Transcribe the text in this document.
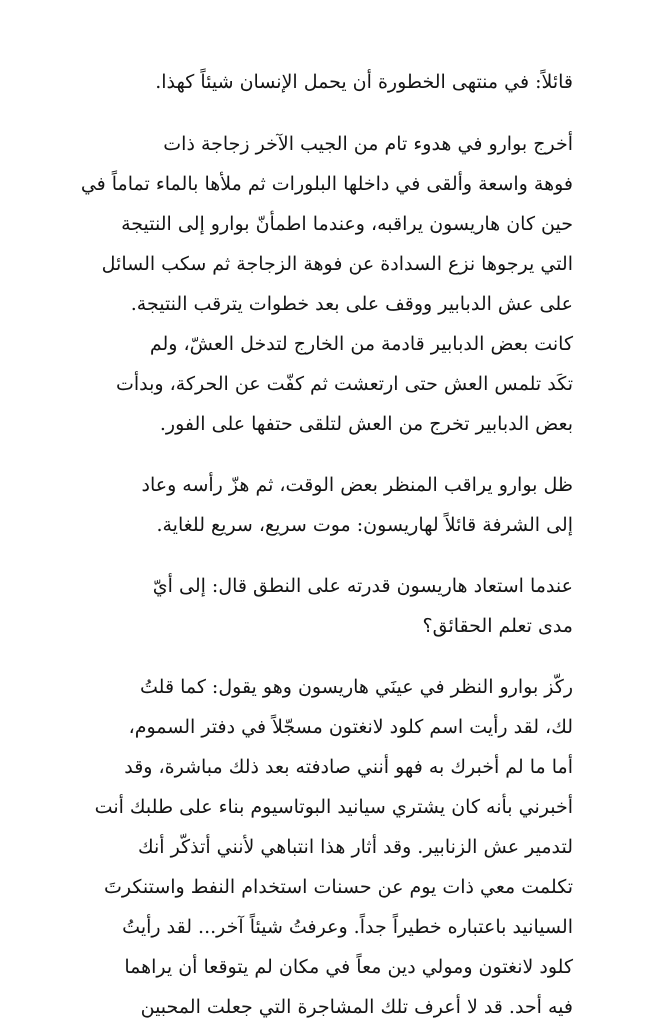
قائلاً: في منتهى الخطورة أن يحمل الإنسان شيئاً كهذا.

أخرج بوارو في هدوء تام من الجيب الآخر زجاجة ذات
فوهة واسعة وألقى في داخلها البلورات ثم ملأها بالماء تماماً في
حين كان هاريسون يراقبه، وعندما اطمأنّ بوارو إلى النتيجة
التي يرجوها نزع السدادة عن فوهة الزجاجة ثم سكب السائل
على عش الدبابير ووقف على بعد خطوات يترقب النتيجة.
كانت بعض الدبابير قادمة من الخارج لتدخل العشّ، ولم
تكَد تلمس العش حتى ارتعشت ثم كفّت عن الحركة، وبدأت
بعض الدبابير تخرج من العش لتلقى حتفها على الفور.

ظل بوارو يراقب المنظر بعض الوقت، ثم هزّ رأسه وعاد
إلى الشرفة قائلاً لهاريسون: موت سريع، سريع للغاية.

عندما استعاد هاريسون قدرته على النطق قال: إلى أيّ
مدى تعلم الحقائق؟

ركّز بوارو النظر في عينَي هاريسون وهو يقول: كما قلتُ
لك، لقد رأيت اسم كلود لانغتون مسجّلاً في دفتر السموم،
أما ما لم أخبرك به فهو أنني صادفته بعد ذلك مباشرة، وقد
أخبرني بأنه كان يشتري سيانيد البوتاسيوم بناء على طلبك أنت
لتدمير عش الزنابير. وقد أثار هذا انتباهي لأنني أتذكّر أنك
تكلمت معي ذات يوم عن حسنات استخدام النفط واستنكرتَ
السيانيد باعتباره خطيراً جداً. وعرفتُ شيئاً آخر... لقد رأيتُ
كلود لانغتون ومولي دين معاً في مكان لم يتوقعا أن يراهما
فيه أحد. قد لا أعرف تلك المشاجرة التي جعلت المحبين
